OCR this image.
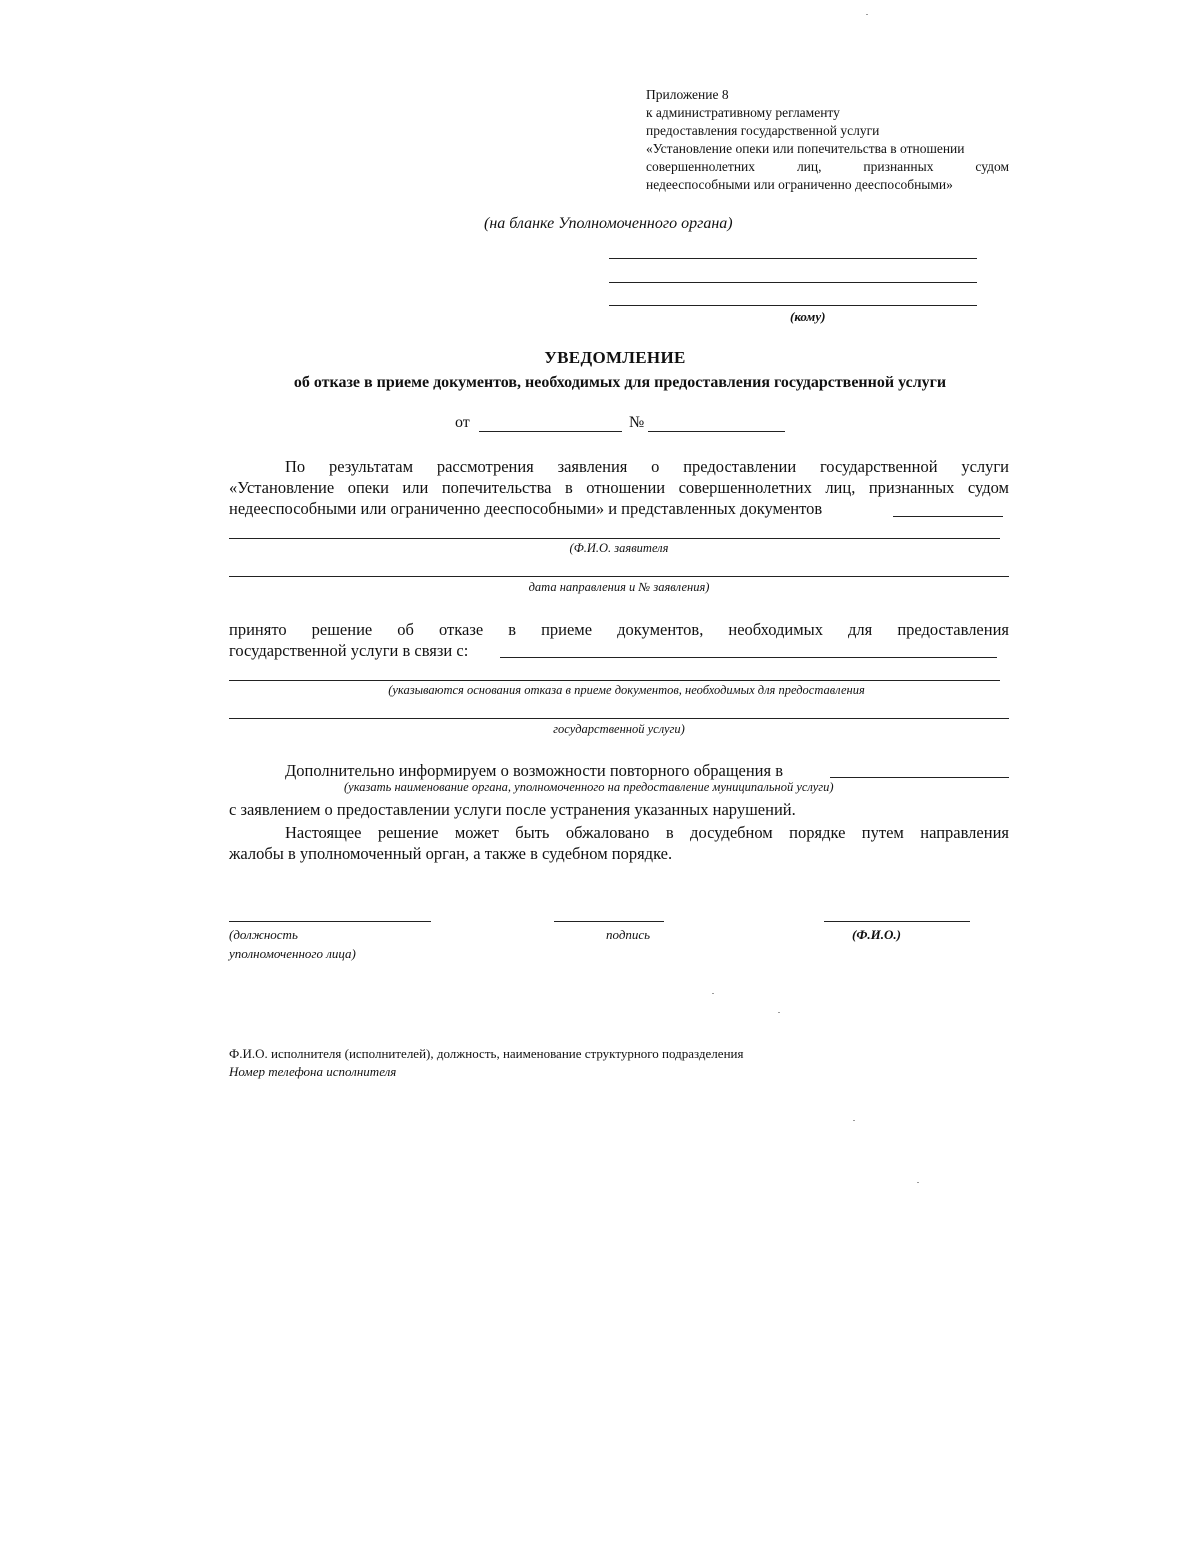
Приложение 8
к административному регламенту
предоставления государственной услуги
«Установление опеки или попечительства в отношении
совершеннолетних лиц, признанных судом
недееспособными или ограниченно дееспособными»
(на бланке Уполномоченного органа)
(кому)
УВЕДОМЛЕНИЕ
об отказе в приеме документов, необходимых для предоставления государственной услуги
от	№
По результатам рассмотрения заявления о предоставлении государственной услуги
«Установление опеки или попечительства в отношении совершеннолетних лиц, признанных судом
недееспособными или ограниченно дееспособными» и представленных документов
(Ф.И.О. заявителя
дата направления и № заявления)
принято решение об отказе в приеме документов, необходимых для предоставления
государственной услуги в связи с:
(указываются основания отказа в приеме документов, необходимых для предоставления
государственной услуги)
Дополнительно информируем о возможности повторного обращения в
(указать наименование органа, уполномоченного на предоставление муниципальной услуги)
с заявлением о предоставлении услуги после устранения указанных нарушений.
Настоящее решение может быть обжаловано в досудебном порядке путем направления
жалобы в уполномоченный орган, а также в судебном порядке.
(должность
уполномоченного лица)
подпись	(Ф.И.О.)
Ф.И.О. исполнителя (исполнителей), должность, наименование структурного подразделения
Номер телефона исполнителя
